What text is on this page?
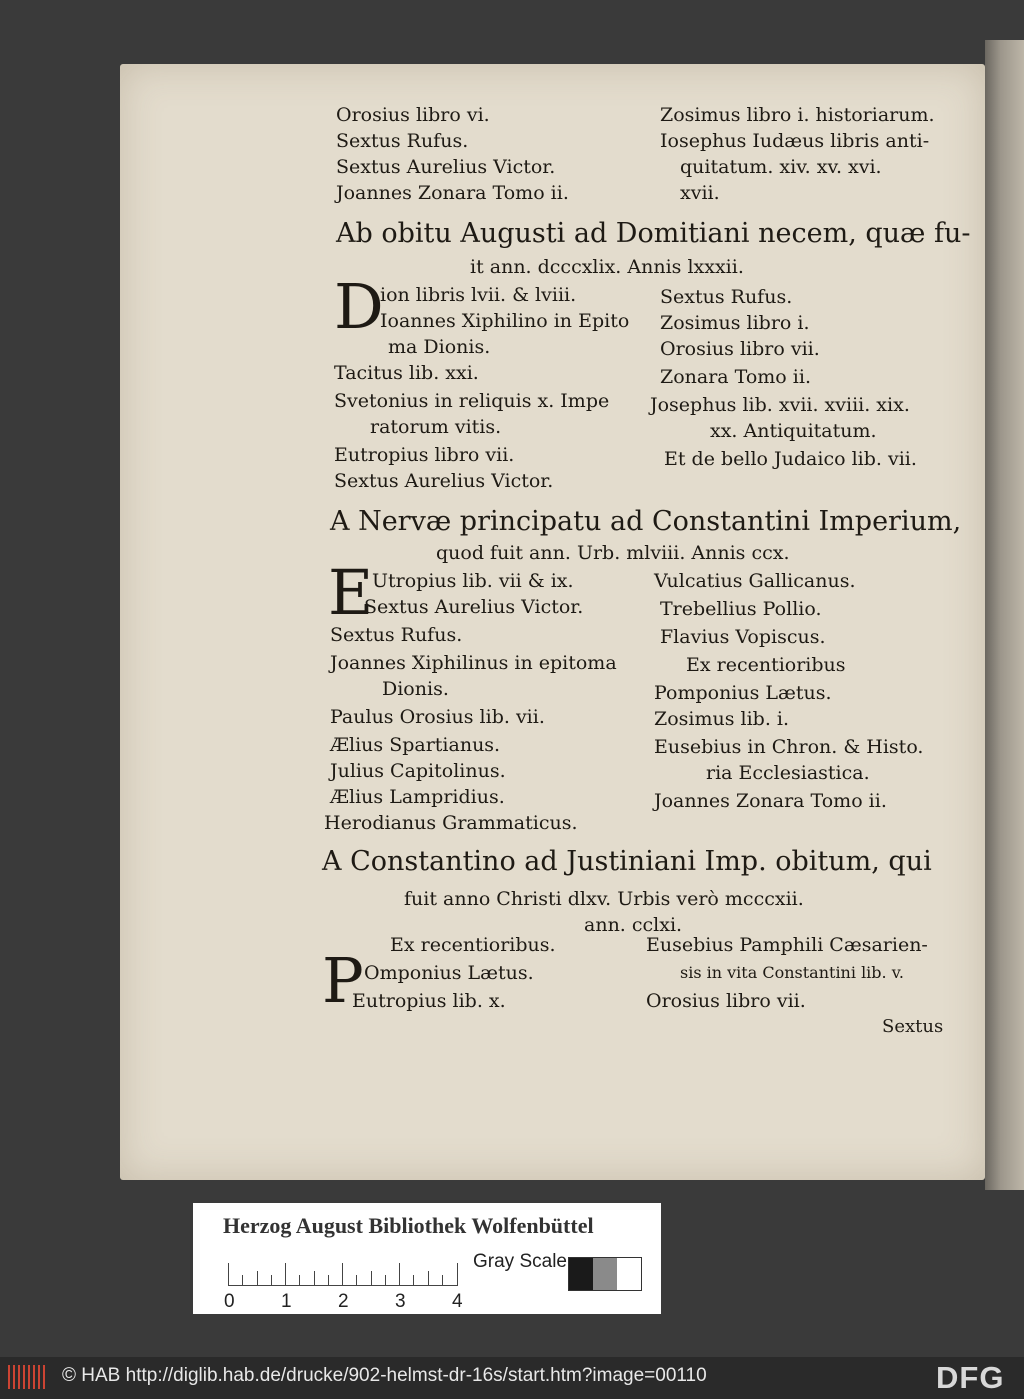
Orosius libro vi.
Sextus Rufus.
Sextus Aurelius Victor.
Joannes Zonara Tomo ii.
Zosimus libro i. historiarum.
Iosephus Iudæus libris anti-
quitatum. xiv. xv. xvi.
xvii.
Ab obitu Augusti ad Domitiani necem, quæ fu-
it ann. dcccxlix. Annis lxxxii.
D
ion libris lvii. & lviii.
Ioannes Xiphilino in Epito
ma Dionis.
Tacitus lib. xxi.
Svetonius in reliquis x. Impe
ratorum vitis.
Eutropius libro vii.
Sextus Aurelius Victor.
Sextus Rufus.
Zosimus libro i.
Orosius libro vii.
Zonara Tomo ii.
Josephus lib. xvii. xviii. xix.
xx. Antiquitatum.
Et de bello Judaico lib. vii.
A Nervæ principatu ad Constantini Imperium,
quod fuit ann. Urb. mlviii. Annis ccx.
E
Utropius lib. vii & ix.
Sextus Aurelius Victor.
Sextus Rufus.
Joannes Xiphilinus in epitoma
Dionis.
Paulus Orosius lib. vii.
Ælius Spartianus.
Julius Capitolinus.
Ælius Lampridius.
Herodianus Grammaticus.
Vulcatius Gallicanus.
Trebellius Pollio.
Flavius Vopiscus.
Ex recentioribus
Pomponius Lætus.
Zosimus lib. i.
Eusebius in Chron. & Histo.
ria Ecclesiastica.
Joannes Zonara Tomo ii.
A Constantino ad Justiniani Imp. obitum, qui
fuit anno Christi dlxv. Urbis verò mcccxii.
ann. cclxi.
Ex recentioribus.
P Omponius Lætus.
Eutropius lib. x.
Eusebius Pamphili Cæsarien-
sis in vita Constantini lib. v.
Orosius libro vii.
Sextus
Herzog August Bibliothek Wolfenbüttel
0 1 2 3 4
Gray Scale
© HAB http://diglib.hab.de/drucke/902-helmst-dr-16s/start.htm?image=00110	DFG
